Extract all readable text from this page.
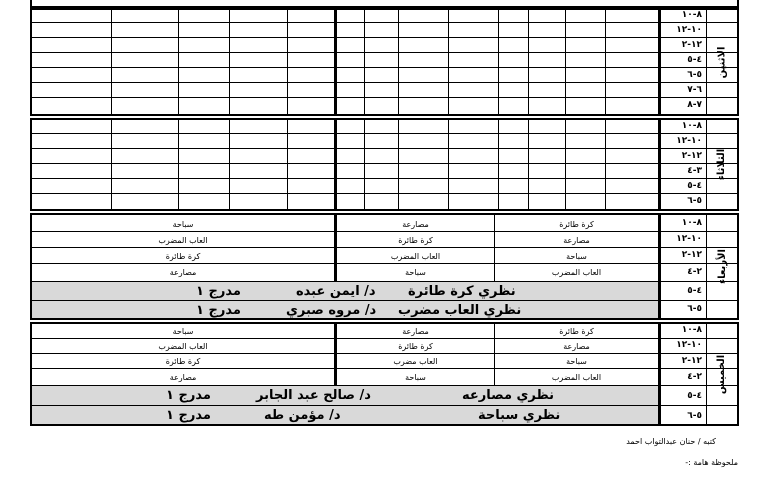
٨-١٠
١٠-١٢
١٢-٢
٤-٥
٥-٦
٦-٧
٧-٨
الاثنين
٨-١٠
١٠-١٢
١٢-٢
٣-٤
٤-٥
٥-٦
الثلاثاء
كرة طائرة
مصارعة
سباحة
العاب المضرب
مصارعة
كرة طائرة
العاب المضرب
سباحة
سباحة
العاب المضرب
كرة طائرة
مصارعة
نظري كرة طائرة
د/ ايمن عبده
مدرج ١
نظري العاب مضرب
د/ مروه صبري
مدرج ١
٨-١٠
١٠-١٢
١٢-٢
٢-٤
٤-٥
٥-٦
الأربعاء
كرة طائرة
مصارعة
سباحة
العاب المضرب
مصارعة
كرة طائرة
العاب مضرب
سباحة
سباحة
العاب المضرب
كرة طائرة
مصارعة
نظري مصارعه
د/ صالح عبد الجابر
مدرج ١
نظري سباحة
د/ مؤمن طه
مدرج ١
٨-١٠
١٠-١٢
١٢-٢
٢-٤
٤-٥
٥-٦
الخميس
كتبه / حنان عبدالتواب احمد
ملحوظة هامة :-
